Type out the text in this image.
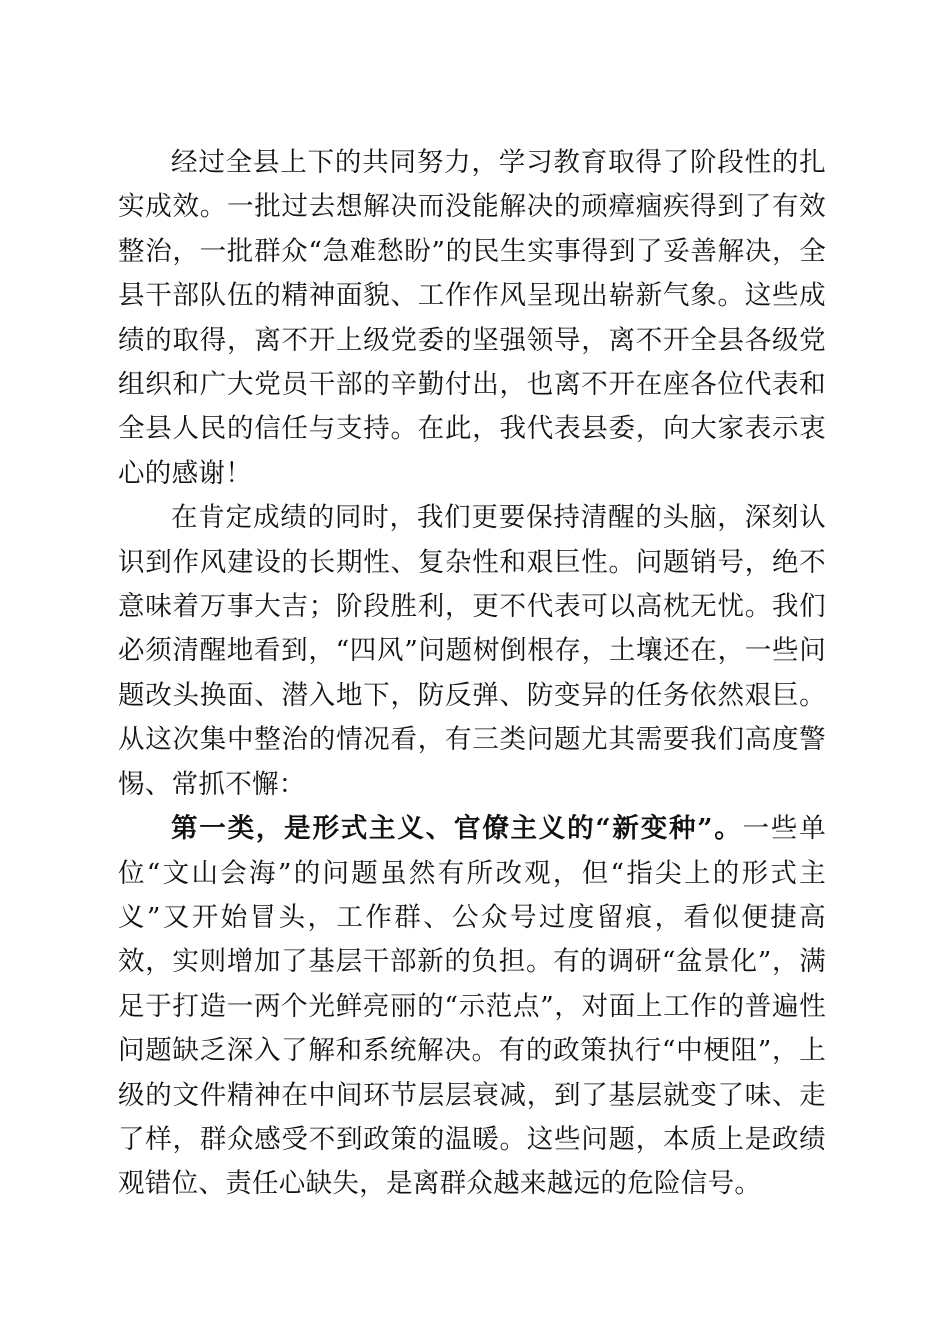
经过全县上下的共同努力，学习教育取得了阶段性的扎实成效。一批过去想解决而没能解决的顽瘴痼疾得到了有效整治，一批群众“急难愁盼”的民生实事得到了妥善解决，全县干部队伍的精神面貌、工作作风呈现出崭新气象。这些成绩的取得，离不开上级党委的坚强领导，离不开全县各级党组织和广大党员干部的辛勤付出，也离不开在座各位代表和全县人民的信任与支持。在此，我代表县委，向大家表示衷心的感谢！

在肯定成绩的同时，我们更要保持清醒的头脑，深刻认识到作风建设的长期性、复杂性和艰巨性。问题销号，绝不意味着万事大吉；阶段胜利，更不代表可以高枕无忧。我们必须清醒地看到，“四风”问题树倒根存，土壤还在，一些问题改头换面、潜入地下，防反弹、防变异的任务依然艰巨。从这次集中整治的情况看，有三类问题尤其需要我们高度警惕、常抓不懈：

第一类，是形式主义、官僚主义的“新变种”。一些单位“文山会海”的问题虽然有所改观，但“指尖上的形式主义”又开始冒头，工作群、公众号过度留痕，看似便捷高效，实则增加了基层干部新的负担。有的调研“盆景化”，满足于打造一两个光鲜亮丽的“示范点”，对面上工作的普遍性问题缺乏深入了解和系统解决。有的政策执行“中梗阻”，上级的文件精神在中间环节层层衰减，到了基层就变了味、走了样，群众感受不到政策的温暖。这些问题，本质上是政绩观错位、责任心缺失，是离群众越来越远的危险信号。
